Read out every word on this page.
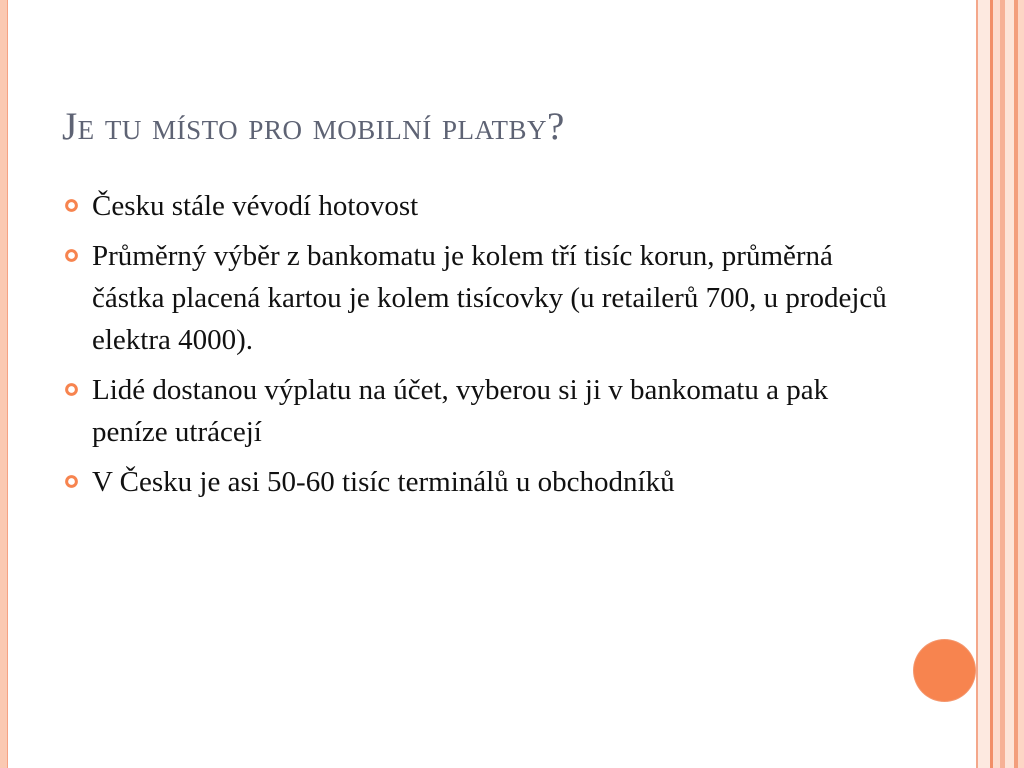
Je tu místo pro mobilní platby?
Česku stále vévodí hotovost
Průměrný výběr z bankomatu je kolem tří tisíc korun, průměrná částka placená kartou je kolem tisícovky (u retailerů 700, u prodejců elektra 4000).
Lidé dostanou výplatu na účet, vyberou si ji v bankomatu a pak peníze utrácejí
V Česku je asi 50-60 tisíc terminálů u obchodníků
